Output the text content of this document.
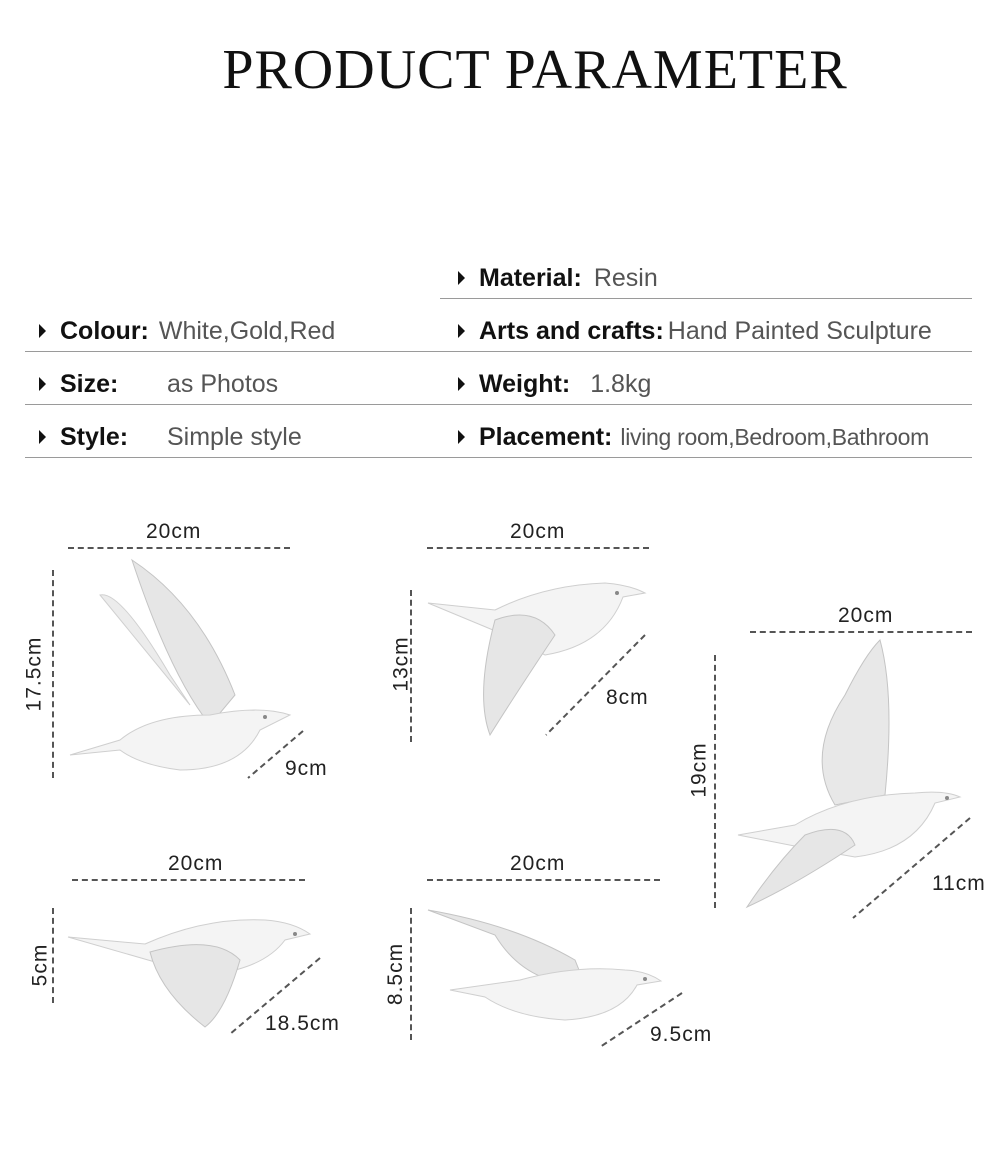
PRODUCT PARAMETER
Material: Resin
Colour: White,Gold,Red	Arts and crafts: Hand Painted Sculpture
Size:	as Photos	Weight: 1.8kg
Style:	Simple style	Placement: living room,Bedroom,Bathroom
20cm
17.5cm
9cm
20cm
13cm
8cm
20cm
19cm
11cm
20cm
5cm
18.5cm
20cm
8.5cm
9.5cm
